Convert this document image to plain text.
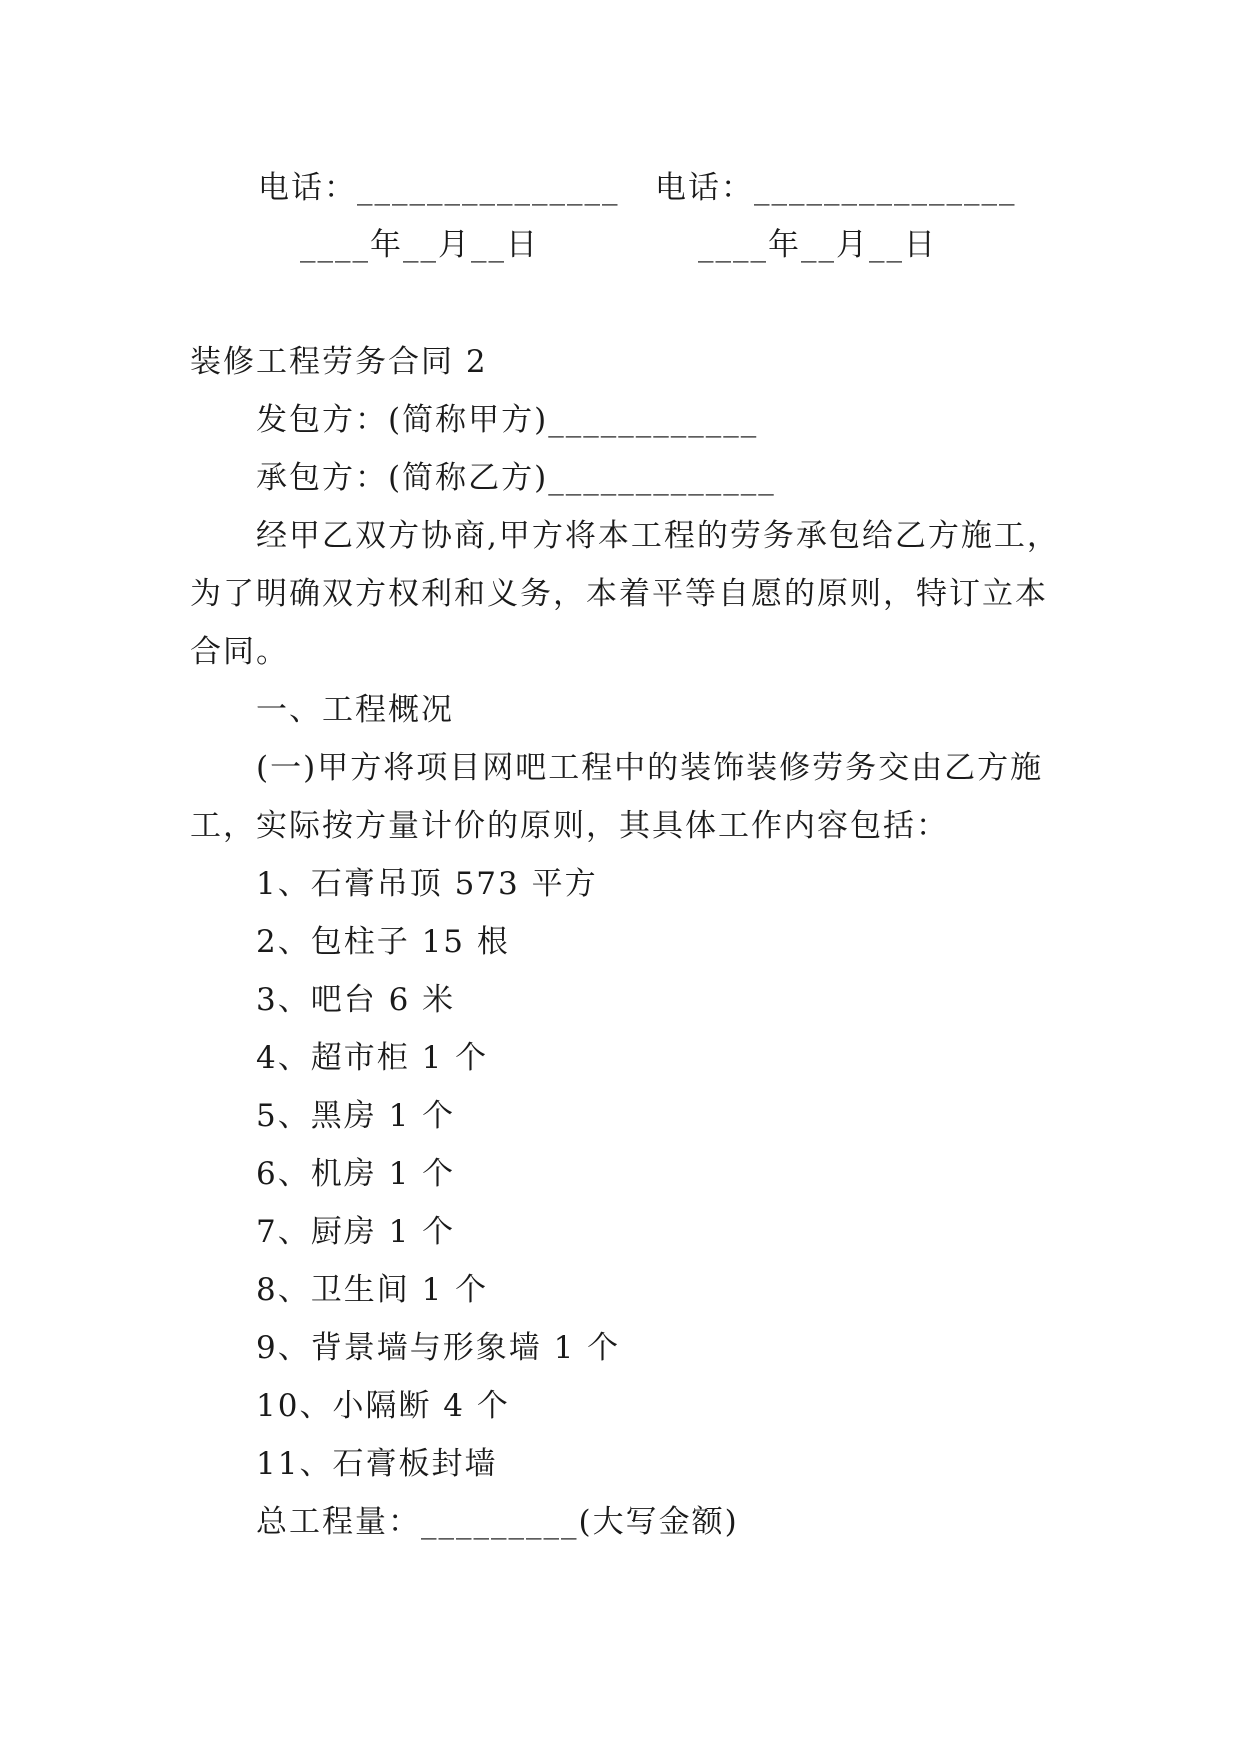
电话：_______________ 电话：_______________
____年__月__日	____年__月__日
装修工程劳务合同 2
发包方：(简称甲方)____________
承包方：(简称乙方)_____________
经甲乙双方协商,甲方将本工程的劳务承包给乙方施工，
为了明确双方权利和义务，本着平等自愿的原则，特订立本
合同。
一、工程概况
(一)甲方将项目网吧工程中的装饰装修劳务交由乙方施
工，实际按方量计价的原则，其具体工作内容包括：
1、石膏吊顶 573 平方
2、包柱子 15 根
3、吧台 6 米
4、超市柜 1 个
5、黑房 1 个
6、机房 1 个
7、厨房 1 个
8、卫生间 1 个
9、背景墙与形象墙 1 个
10、小隔断 4 个
11、石膏板封墙
总工程量：_________(大写金额)
